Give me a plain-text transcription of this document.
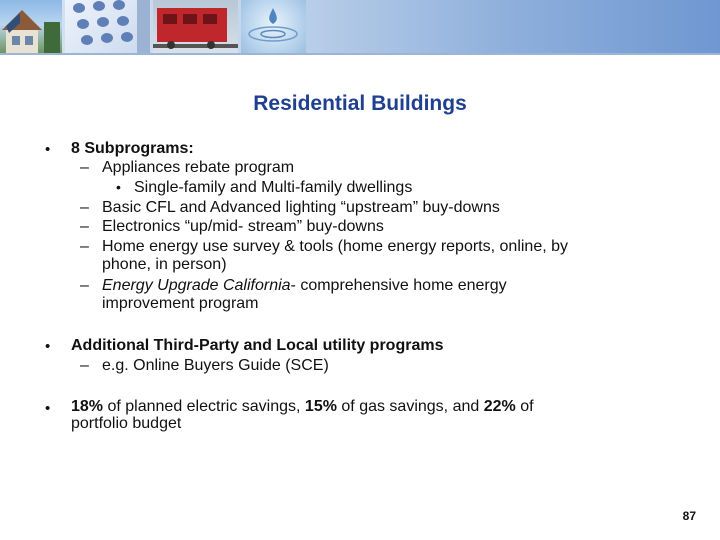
Residential Buildings
• 8 Subprograms:
– Appliances rebate program
• Single-family and Multi-family dwellings
– Basic CFL and Advanced lighting “upstream” buy-downs
– Electronics “up/mid- stream” buy-downs
– Home energy use survey & tools (home energy reports, online, by
phone, in person)
– Energy Upgrade California- comprehensive home energy
improvement program
• Additional Third-Party and Local utility programs
– e.g. Online Buyers Guide (SCE)
• 18% of planned electric savings, 15% of gas savings, and 22% of
portfolio budget
87
